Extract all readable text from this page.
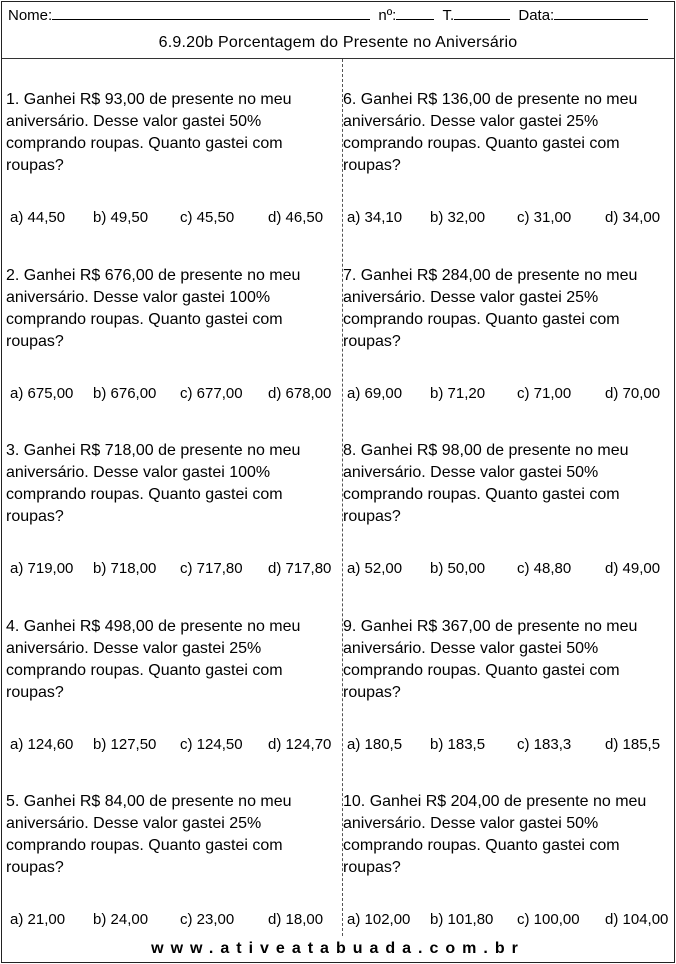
Nome:	nº:	T.	Data:
6.9.20b Porcentagem do Presente no Aniversário

1. Ganhei R$ 93,00 de presente no meu aniversário. Desse valor gastei 50% comprando roupas. Quanto gastei com roupas?

a) 44,50 b) 49,50 c) 45,50 d) 46,50

2. Ganhei R$ 676,00 de presente no meu aniversário. Desse valor gastei 100% comprando roupas. Quanto gastei com roupas?

a) 675,00 b) 676,00 c) 677,00 d) 678,00

3. Ganhei R$ 718,00 de presente no meu aniversário. Desse valor gastei 100% comprando roupas. Quanto gastei com roupas?

a) 719,00 b) 718,00 c) 717,80 d) 717,80

4. Ganhei R$ 498,00 de presente no meu aniversário. Desse valor gastei 25% comprando roupas. Quanto gastei com roupas?

a) 124,60 b) 127,50 c) 124,50 d) 124,70

5. Ganhei R$ 84,00 de presente no meu aniversário. Desse valor gastei 25% comprando roupas. Quanto gastei com roupas?

a) 21,00 b) 24,00 c) 23,00 d) 18,00

6. Ganhei R$ 136,00 de presente no meu aniversário. Desse valor gastei 25% comprando roupas. Quanto gastei com roupas?

a) 34,10 b) 32,00 c) 31,00 d) 34,00

7. Ganhei R$ 284,00 de presente no meu aniversário. Desse valor gastei 25% comprando roupas. Quanto gastei com roupas?

a) 69,00 b) 71,20 c) 71,00 d) 70,00

8. Ganhei R$ 98,00 de presente no meu aniversário. Desse valor gastei 50% comprando roupas. Quanto gastei com roupas?

a) 52,00 b) 50,00 c) 48,80 d) 49,00

9. Ganhei R$ 367,00 de presente no meu aniversário. Desse valor gastei 50% comprando roupas. Quanto gastei com roupas?

a) 180,5 b) 183,5 c) 183,3 d) 185,5

10. Ganhei R$ 204,00 de presente no meu aniversário. Desse valor gastei 50% comprando roupas. Quanto gastei com roupas?

a) 102,00 b) 101,80 c) 100,00 d) 104,00
www.ativeatabuada.com.br
